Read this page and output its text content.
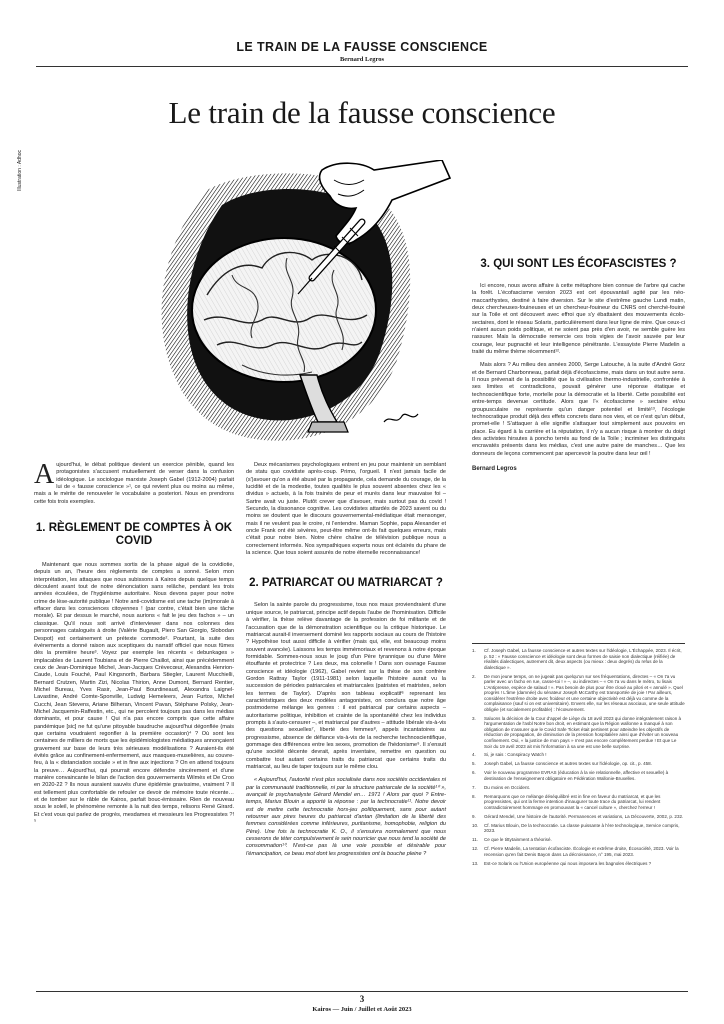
LE TRAIN DE LA FAUSSE CONSCIENCE
Bernard Legros
Le train de la fausse conscience
Illustration : Adhoc

Aujourd'hui, le débat politique devient un exercice pénible, quand les protagonistes s'accusent mutuellement de verser dans la confusion idéologique. Le sociologue marxiste Joseph Gabel (1912-2004) parlait lui de « fausse conscience »¹, ce qui revient plus ou moins au même, mais a le mérite de renouveler le vocabulaire a posteriori. Nous en prendrons cette fois trois exemples.

1. RÈGLEMENT DE COMPTES À OK COVID

Maintenant que nous sommes sortis de la phase aiguë de la covidiotie, depuis un an, l'heure des règlements de comptes a sonné. Selon mon interprétation, les attaques que nous subissons à Kairos depuis quelque temps découlent avant tout de notre dénonciation sans relâche, pendant les trois années écoulées, de l'hygiénisme autoritaire. Nous devons payer pour notre crime de lèse-autorité publique ! Notre anti-covidisme est une tache (im)morale à effacer dans les consciences citoyennes ! (par contre, c'était bien une tâche morale). Et par dessus le marché, nous aurions « fait le jeu des fachos » – un classique. Qu'il nous soit arrivé d'interviewer dans nos colonnes des personnages catalogués à droite (Valérie Bugault, Piero San Giorgio, Slobodan Despot) est certainement un prétexte commode². Pourtant, la suite des événements a donné raison aux sceptiques du narratif officiel que nous fûmes dès la première heure³. Voyez par exemple les récents « debunkages » implacables de Laurent Toubiana et de Pierre Chaillot, ainsi que précédemment ceux de Jean-Dominique Michel, Jean-Jacques Crèvecœur, Alexandra Henrion-Caude, Louis Fouché, Paul Kingsnorth, Barbara Stiegler, Laurent Mucchielli, Bernard Crutzen, Martin Zizi, Nicolas Thirion, Anne Dumont, Bernard Rentier, Michel Bureau, Yves Rasir, Jean-Paul Bourdineaud, Alexandra Laignel-Lavastine, André Comte-Sponville, Ludwig Hemeleers, Jean Furtos, Michel Cucchi, Jean Stevens, Ariane Bilheran, Vincent Pavan, Stéphane Polsky, Jean-Michel Jacquemin-Raffestin, etc., qui ne percolent toujours pas dans les médias dominants, et pour cause ! Qui n'a pas encore compris que cette affaire pandémique [sic] ne fut qu'une pitoyable baudruche aujourd'hui dégonflée (mais que certains voudraient regonfler à la première occasion)⁴ ? Où sont les centaines de milliers de morts que les épidémiologistes médiatiques annonçaient gravement sur base de leurs très sérieuses modélisations ? Auraient-ils été évités grâce au confinement-enfermement, aux masques-muselières, au couvre-feu, à la « distanciation sociale » et in fine aux injections ? On en attend toujours la preuve… Aujourd'hui, qui pourrait encore défendre sincèrement et d'une manière convaincante le bilan de l'action des gouvernements Wilmès et De Croo en 2020-22 ? Ils nous auraient sauvés d'une épidémie gravissime, vraiment ? Il est tellement plus confortable de refouler ce devoir de mémoire toute récente… et de tomber sur le râble de Kairos, parfait bouc-émissaire. Rien de nouveau sous le soleil, le phénomène remonte à la nuit des temps, relisons René Girard. Et c'est vous qui parlez de progrès, mesdames et messieurs les Progressistes ?!⁵

Deux mécanismes psychologiques entrent en jeu pour maintenir un semblant de statu quo covidiste après-coup. Primo, l'orgueil. Il n'est jamais facile de (s')avouer qu'on a été abusé par la propagande, cela demande du courage, de la lucidité et de la modestie, toutes qualités le plus souvent absentes chez les « dividus » actuels, à la fois trainés de peur et murés dans leur mauvaise foi – Sartre avait vu juste. Plutôt crever que d'avouer, mais surtout pas du covid ! Secundo, la dissonance cognitive. Les covidistes attardés de 2023 savent ou du moins se doutent que le discours gouvernemental-médiatique était mensonger, mais il ne veulent pas le croire, ni l'entendre. Maman Sophie, papa Alexander et oncle Frank ont été sévères, peut-être même ont-ils fait quelques erreurs, mais c'était pour notre bien. Notre chère chaîne de télévision publique nous a correctement informés. Nos sympathiques experts nous ont éclairés du phare de la science. Que tous soient assurés de notre éternelle reconnaissance!

2. PATRIARCAT OU MATRIARCAT ?

Selon la sainte parole du progressisme, tous nos maux proviendraient d'une unique source, le patriarcat, principe actif depuis l'aube de l'hominisation. Difficile à vérifier, la thèse relève davantage de la profession de foi militante et de l'accusation que de la démonstration scientifique ou la critique historique. Le matriarcat aurait-il inversement dominé les rapports sociaux au cours de l'histoire ? Hypothèse tout aussi difficile à vérifier (mais qui, elle, est beaucoup moins souvent avancée). Laissons les temps immémoriaux et revenons à notre époque formidable. Sommes-nous sous le joug d'un Père tyrannique ou d'une Mère étouffante et protectrice ? Les deux, ma colonelle ! Dans son ouvrage Fausse conscience et idéologie (1962), Gabel revient sur la thèse de son confrère Gordon Rattray Taylor (1911-1981) selon laquelle l'histoire aurait vu la succession de périodes patriarcales et matriarcales (patristes et matristes, selon les termes de Taylor). D'après son tableau explicatif⁶ reprenant les caractéristiques des deux modèles antagonistes, on conclura que notre âge postmoderne mélange les genres : il est patriarcal par certains aspects – autoritarisme politique, inhibition et crainte de la spontanéité chez les individus prompts à s'auto-censurer –, et matriarcal par d'autres – attitude libérale vis-à-vis des questions sexuelles⁷, liberté des femmes⁸, appels incantatoires au progressisme, absence de défiance vis-à-vis de la recherche technoscientifique, gommage des différences entre les sexes, promotion de l'hédonisme⁹. Il s'ensuit qu'une société décente devrait, après inventaire, remettre en question ou combattre tout autant certains traits du patriarcat que certains traits du matriarcat, au lieu de taper toujours sur le même clou.

« Aujourd'hui, l'autorité n'est plus socialisée dans nos sociétés occidentales ni par la communauté traditionnelle, ni par la structure patriarcale de la société¹⁰ », avançait le psychanalyste Gérard Mendel en… 1971 ! Alors par quoi ? Entre-temps, Marius Blouin a apporté la réponse : par la technocratie¹¹. Notre devoir est de mettre cette technocratie hors-jeu politiquement, sans pour autant retourner aux pires heures du patriarcat d'antan (limitation de la liberté des femmes considérées comme inférieures, puritanisme, homophobie, religion du Père). Une fois la technocratie K. O., il s'ensuivra normalement que nous cesserons de téter compulsivement le sein nourricier que nous tend la société de consommation¹⁰. N'est-ce pas là une voie possible et désirable pour l'émancipation, ce beau mot dont les progressistes ont la bouche pleine ?

3. QUI SONT LES ÉCOFASCISTES ?

Ici encore, nous avons affaire à cette métaphore bien connue de l'arbre qui cache la forêt. L'écofascisme version 2023 est cet épouvantail agité par les néo-maccarthystes, destiné à faire diversion. Sur le site d'extrême gauche Lundi matin, deux chercheuses-fouineuses et un chercheur-fouineur du CNRS ont cherché-fouiné sur la Toile et ont découvert avec effroi que s'y ébattaient des mouvements écolo-sectaires, dont le réseau Solaris, particulièrement dans leur ligne de mire. Que ceux-ci n'aient aucun poids politique, et ne soient pas près d'en avoir, ne semble guère les rassurer. Mais la démocratie remercie ces trois vigies de l'avoir sauvée par leur courage, leur pugnacité et leur intelligence pénétrante. L'essayiste Pierre Madelin a traité du même thème récemment¹².

Mais alors ? Au milieu des années 2000, Serge Latouche, à la suite d'André Gorz et de Bernard Charbonneau, parlait déjà d'écofascisme, mais dans un tout autre sens. Il nous prévenait de la possibilité que la civilisation thermo-industrielle, confrontée à ses limites et contradictions, pouvait générer une réponse étatique et technoscientifique forte, mortelle pour la démocratie et la liberté. Cette possibilité est entre-temps devenue certitude. Alors que l'« écofascisme » sectaire et/ou groupusculaire ne représente qu'un danger potentiel et limité¹³, l'écologie technocratique produit déjà des effets concrets dans nos vies, et ce n'est qu'un début, promet-elle ! S'attaquer à elle signifie s'attaquer tout simplement aux pouvoirs en place. Eu égard à la carrière et la réputation, il n'y a aucun risque à montrer du doigt des activistes hirsutes à poncho terrés au fond de la Toile ; incriminer les distingués encravatés présents dans les médias, c'est une autre paire de manches… Que les donneurs de leçons commencent par apercevoir la poutre dans leur œil !

Bernard Legros
1.	Cf. Joseph Gabel, La fausse conscience et autres textes sur l'idéologie, L'Échappée, 2023. Il écrit, p. 52 : « Fausse conscience et idéologie sont deux formes de saisie non dialectique (réifiée) de réalités dialectiques, autrement dit, deux aspects (ou mieux : deux degrés) du refus de la dialectique ».
2.	De mon jeune temps, on ne jugeait pas quelqu'un sur ses fréquentations, directes – « On t'a vu parler avec un facho en rue, casse-toi ! » –, ou indirectes – « On t'a vu dans le métro, tu lisais L'Antipresse, espèce de salaud ! ». Pas besoin de plus pour être cloué au pilori et « annulé ». Quel progrès ! L'âme (damnée) du sénateur Joseph McCarthy est transportée de joie ! Par ailleurs, considérer l'extrême droite avec froideur et une certaine objectivité est déjà vu comme de la complaisance (sauf si on est universitaire). Envers elle, sur les réseaux asociaux, une seule attitude obligée (et socialement profitable) : l'écœurement.
3.	Saluons la décision de la Cour d'appel de Liège du 18 avril 2023 qui donne intégralement raison à l'argumentation de l'asbl Notre bon droit, en estimant que la Région wallonne a manqué à son obligation de s'assurer que le Covid Safe Ticket était pertinent pour atteindre les objectifs de réduction de propagation, de diminution de la pression hospitalière ainsi que d'éviter un nouveau confinement. Oui, « la justice de mon pays » n'est pas encore complètement perdue ! Et que Le Soir du 19 avril 2023 ait mis l'information à sa une est une belle surprise.
4.	Si, je sais : Conspiracy Watch !
5.	Joseph Gabel, La fausse conscience et autres textes sur l'idéologie, op. cit., p. 458.
6.	Voir le nouveau programme EVRAS (éducation à la vie relationnelle, affective et sexuelle) à destination de l'enseignement obligatoire en Fédération Wallonie-Bruxelles.
7.	Du moins en Occident.
8.	Remarquons que ce mélange déséquilibré est in fine en faveur du matriarcat, et que les progressistes, qui ont la ferme intention d'inaugurer toute trace du patriarcat, lui rendent contradictoirement hommage en promouvant la « cancel culture », cherchez l'erreur !
9.	Gérard Mendel, Une histoire de l'autorité. Permanences et variations, La Découverte, 2002, p. 232.
10.	Cf. Marius Blouin, De la technocratie. La classe puissante à l'ère technologique, Service compris, 2023.
11.	Ce que le tittytainment a théorisé.
12.	Cf. Pierre Madelin, La tentation écofasciste. Écologie et extrême droite, Écosociété, 2023. Voir la recension qu'en fait Denis Bayon dans La décroissance, n° 195, mai 2023.
13.	Est-ce Solaris ou l'Union européenne qui nous imposera les bagnoles électriques ?
3
Kairos — Juin / Juillet et Août 2023
